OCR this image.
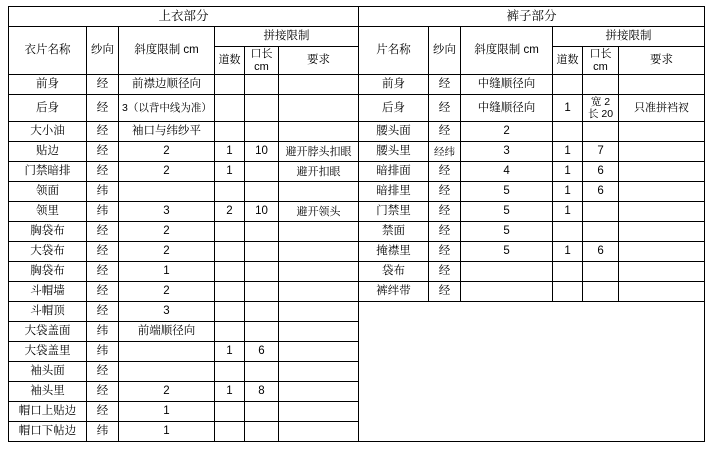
上衣部分						裤子部分					
衣片名称	纱向	斜度限制 cm	拼接限制			片名称	纱向	斜度限制 cm	拼接限制		
			道数	口长 cm	要求				道数	口长 cm	要求
前身	经	前襟边顺径向				前身	经	中缝顺径向			
后身	经	3（以背中线为准）				后身	经	中缝顺径向	1	宽 2 长 20	只准拼裆衩
大小油	经	袖口与纬纱平				腰头面	经	2			
贴边	经	2	1	10	避开脖头扣眼	腰头里	经纬	3	1	7	
门禁暗排	经	2	1		避开扣眼	暗排面	经	4	1	6	
领面	纬					暗排里	经	5	1	6	
领里	纬	3	2	10	避开领头	门禁里	经	5	1		
胸袋布	经	2				禁面	经	5			
大袋布	经	2				掩襟里	经	5	1	6	
胸袋布	经	1				袋布	经				
斗帽墙	经	2				裤绊带	经				
斗帽顶	经	3									
大袋盖面	纬	前端顺径向									
大袋盖里	纬		1	6							
袖头面	经										
袖头里	经	2	1	8							
帽口上贴边	经	1									
帽口下帖边	纬	1									
